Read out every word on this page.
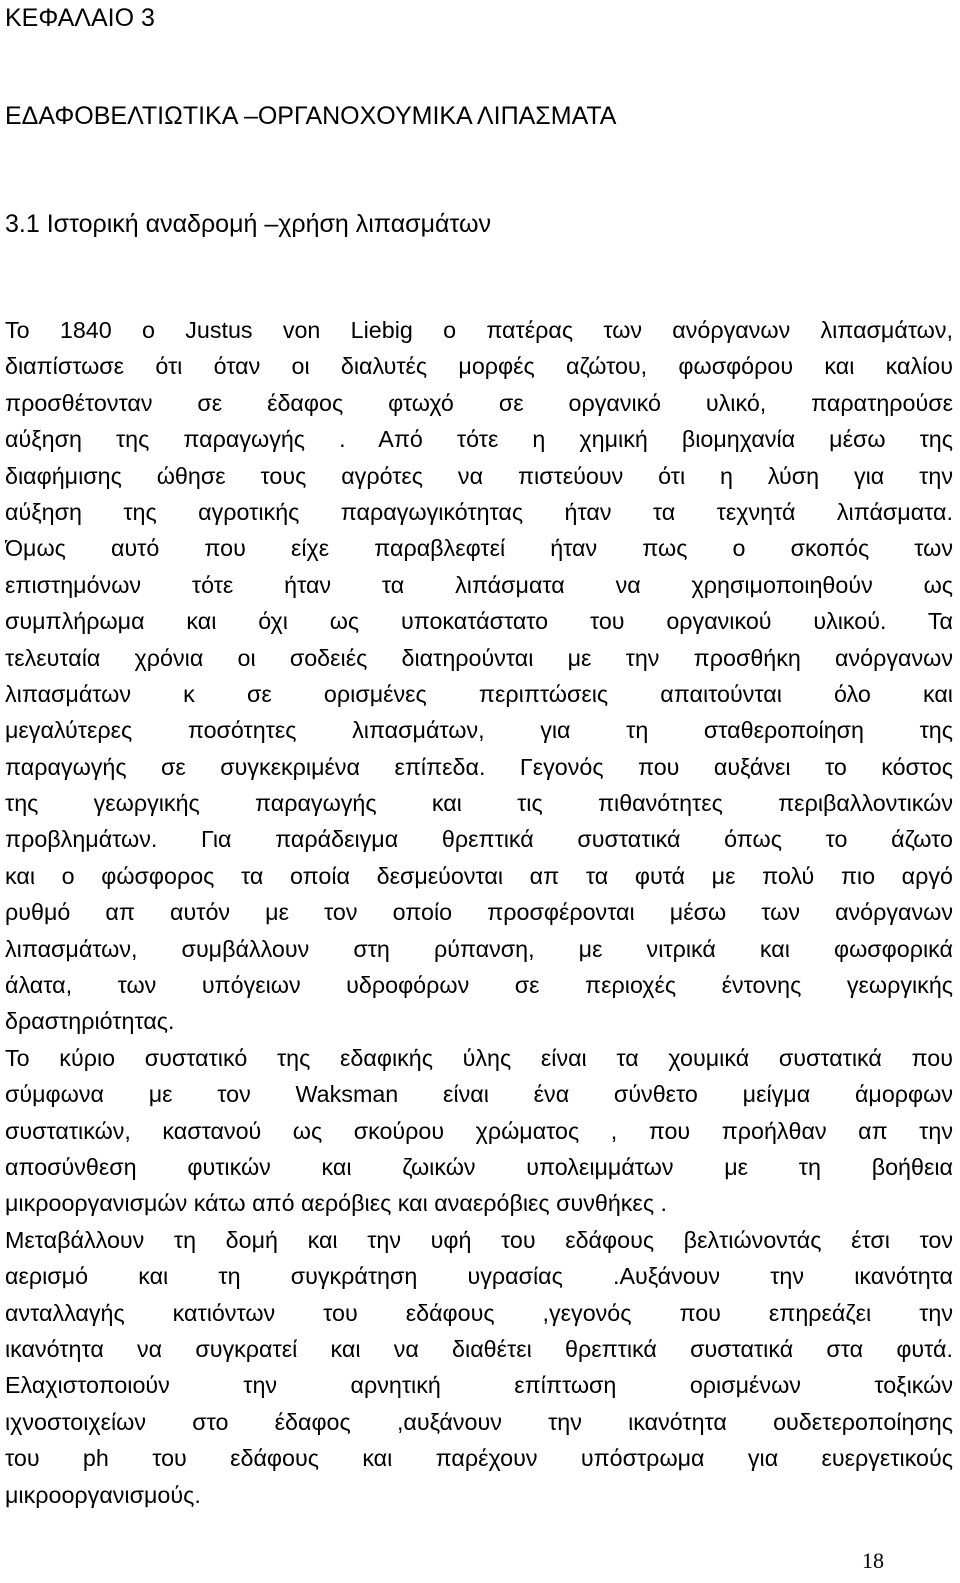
ΚΕΦΑΛΑΙΟ 3
ΕΔΑΦΟΒΕΛΤΙΩΤΙΚΑ –ΟΡΓΑΝΟΧΟΥΜΙΚΑ ΛΙΠΑΣΜΑΤΑ
3.1 Ιστορική αναδρομή –χρήση λιπασμάτων
Το 1840 ο Justus von Liebig ο πατέρας των ανόργανων λιπασμάτων,
διαπίστωσε ότι όταν οι διαλυτές μορφές αζώτου, φωσφόρου και καλίου
προσθέτονταν σε έδαφος φτωχό σε οργανικό υλικό, παρατηρούσε
αύξηση της παραγωγής . Από τότε η χημική βιομηχανία μέσω της
διαφήμισης ώθησε τους αγρότες να πιστεύουν ότι η λύση για την
αύξηση της αγροτικής παραγωγικότητας ήταν τα τεχνητά λιπάσματα.
Όμως αυτό που είχε παραβλεφτεί ήταν πως ο σκοπός των
επιστημόνων τότε ήταν τα λιπάσματα να χρησιμοποιηθούν ως
συμπλήρωμα και όχι ως υποκατάστατο του οργανικού υλικού. Τα
τελευταία χρόνια οι σοδειές διατηρούνται με την προσθήκη ανόργανων
λιπασμάτων κ σε ορισμένες περιπτώσεις απαιτούνται όλο και
μεγαλύτερες ποσότητες λιπασμάτων, για τη σταθεροποίηση της
παραγωγής σε συγκεκριμένα επίπεδα. Γεγονός που αυξάνει το κόστος
της γεωργικής παραγωγής και τις πιθανότητες περιβαλλοντικών
προβλημάτων. Για παράδειγμα θρεπτικά συστατικά όπως το άζωτο
και ο φώσφορος τα οποία δεσμεύονται απ τα φυτά με πολύ πιο αργό
ρυθμό απ αυτόν με τον οποίο προσφέρονται μέσω των ανόργανων
λιπασμάτων, συμβάλλουν στη ρύπανση, με νιτρικά και φωσφορικά
άλατα, των υπόγειων υδροφόρων σε περιοχές έντονης γεωργικής
δραστηριότητας.
Το κύριο συστατικό της εδαφικής ύλης είναι τα χουμικά συστατικά που
σύμφωνα με τον Waksman είναι ένα σύνθετο μείγμα άμορφων
συστατικών, καστανού ως σκούρου χρώματος , που προήλθαν απ την
αποσύνθεση φυτικών και ζωικών υπολειμμάτων με τη βοήθεια
μικροοργανισμών κάτω από αερόβιες και αναερόβιες συνθήκες .
Μεταβάλλουν τη δομή και την υφή του εδάφους βελτιώνοντάς έτσι τον
αερισμό και τη συγκράτηση υγρασίας .Αυξάνουν την ικανότητα
ανταλλαγής κατιόντων του εδάφους ,γεγονός που επηρεάζει την
ικανότητα να συγκρατεί και να διαθέτει θρεπτικά συστατικά στα φυτά.
Ελαχιστοποιούν την αρνητική επίπτωση ορισμένων τοξικών
ιχνοστοιχείων στο έδαφος ,αυξάνουν την ικανότητα ουδετεροποίησης
του ph του εδάφους και παρέχουν υπόστρωμα για ευεργετικούς
μικροοργανισμούς.
18
